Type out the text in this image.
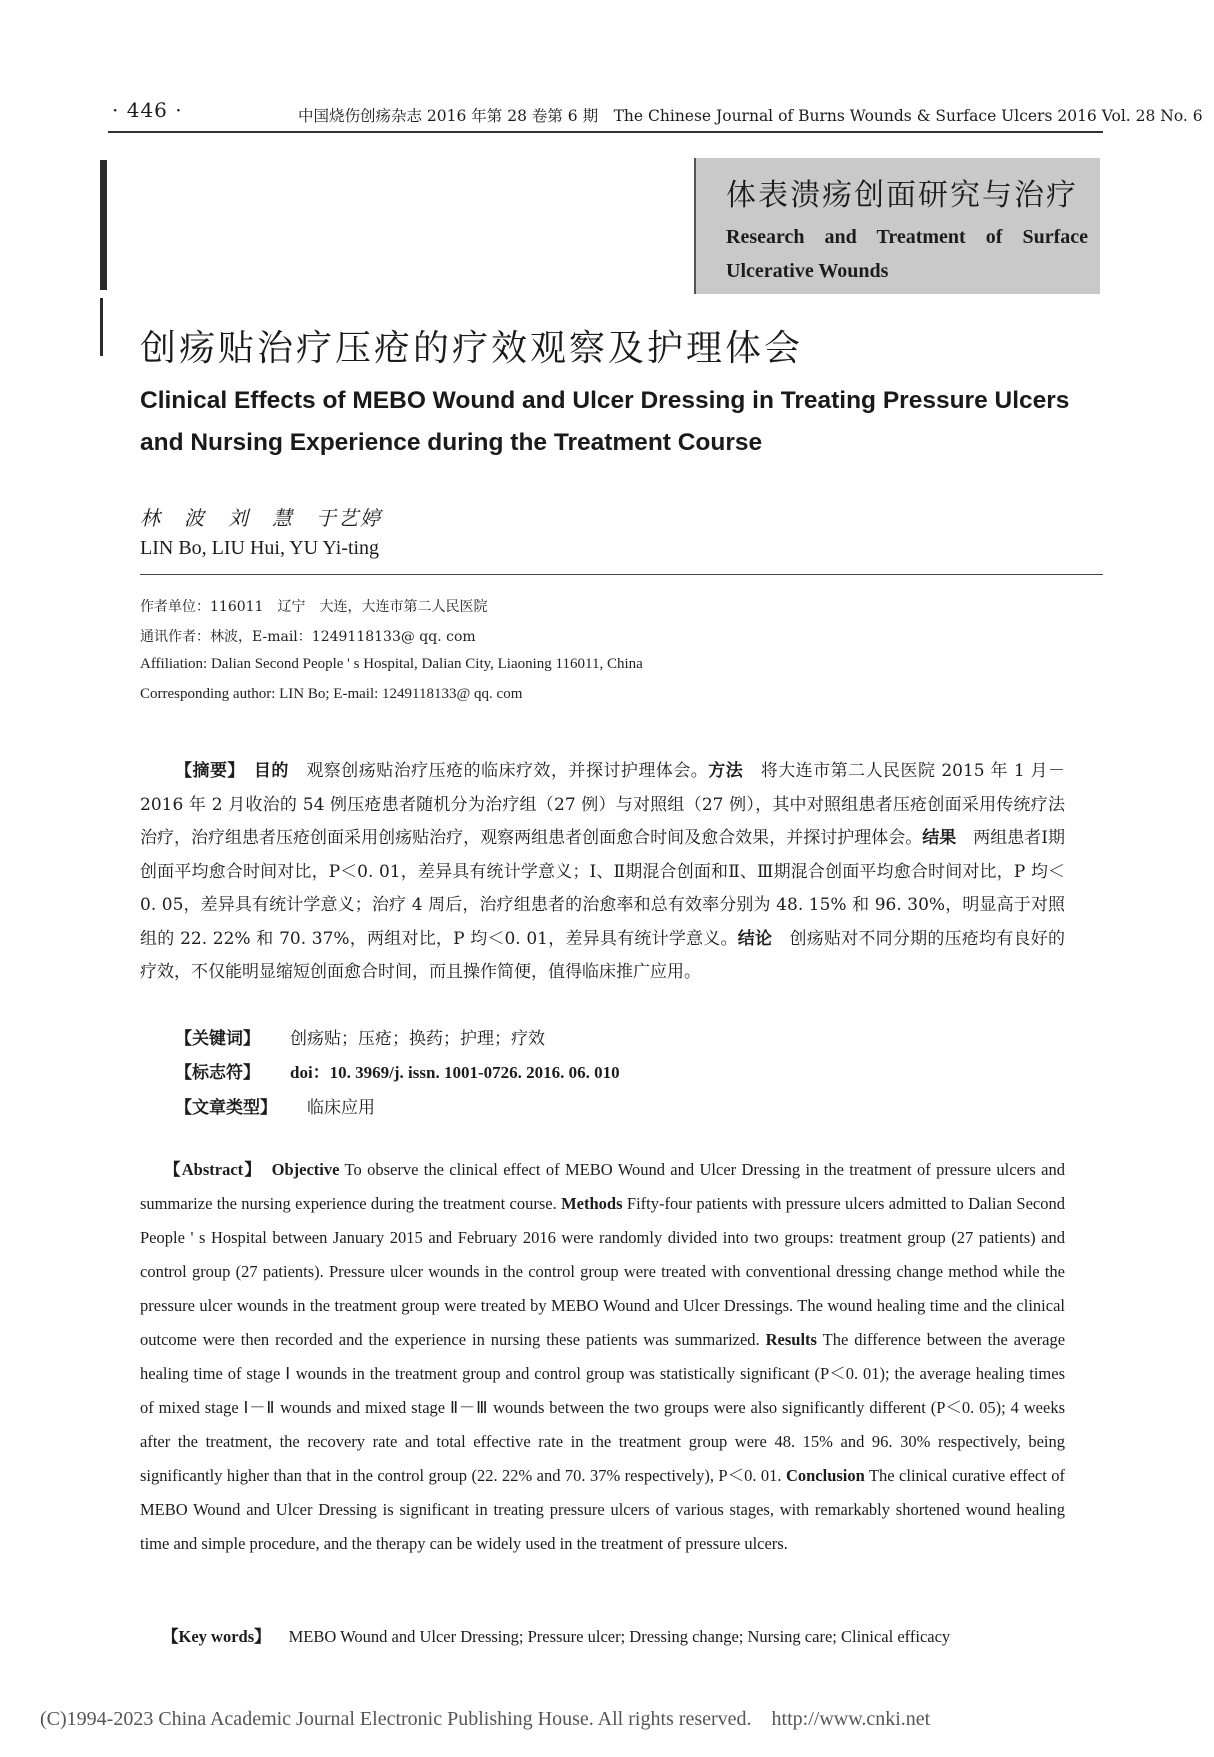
· 446 ·	中国烧伤创疡杂志 2016 年第 28 卷第 6 期　The Chinese Journal of Burns Wounds & Surface Ulcers 2016 Vol. 28 No. 6
体表溃疡创面研究与治疗
Research and Treatment of Surface Ulcerative Wounds
创疡贴治疗压疮的疗效观察及护理体会
Clinical Effects of MEBO Wound and Ulcer Dressing in Treating Pressure Ulcers and Nursing Experience during the Treatment Course
林　波　刘　慧　于艺婷
LIN Bo, LIU Hui, YU Yi-ting
作者单位：116011　辽宁　大连，大连市第二人民医院
通讯作者：林波，E-mail：1249118133@ qq. com
Affiliation: Dalian Second People ' s Hospital, Dalian City, Liaoning 116011, China
Corresponding author: LIN Bo; E-mail: 1249118133@ qq. com
【摘要】　 目的　 观察创疡贴治疗压疮的临床疗效，并探讨护理体会。方法　 将大连市第二人民医院 2015 年 1 月－2016 年 2 月收治的 54 例压疮患者随机分为治疗组（27 例）与对照组（27 例），其中对照组患者压疮创面采用传统疗法治疗，治疗组患者压疮创面采用创疡贴治疗，观察两组患者创面愈合时间及愈合效果，并探讨护理体会。结果　 两组患者Ⅰ期创面平均愈合时间对比，P＜0. 01，差异具有统计学意义；Ⅰ、Ⅱ期混合创面和Ⅱ、Ⅲ期混合创面平均愈合时间对比，P 均＜0. 05，差异具有统计学意义；治疗 4 周后，治疗组患者的治愈率和总有效率分别为 48. 15% 和 96. 30%，明显高于对照组的 22. 22% 和 70. 37%，两组对比，P 均＜0. 01，差异具有统计学意义。结论　 创疡贴对不同分期的压疮均有良好的疗效，不仅能明显缩短创面愈合时间，而且操作简便，值得临床推广应用。
【关键词】 创疡贴；压疮；换药；护理；疗效
【标志符】 doi：10. 3969/j. issn. 1001-0726. 2016. 06. 010
【文章类型】 临床应用
【Abstract】　 Objective To observe the clinical effect of MEBO Wound and Ulcer Dressing in the treatment of pressure ulcers and summarize the nursing experience during the treatment course. Methods Fifty-four patients with pressure ulcers admitted to Dalian Second People ' s Hospital between January 2015 and February 2016 were randomly divided into two groups: treatment group (27 patients) and control group (27 patients). Pressure ulcer wounds in the control group were treated with conventional dressing change method while the pressure ulcer wounds in the treatment group were treated by MEBO Wound and Ulcer Dressings. The wound healing time and the clinical outcome were then recorded and the experience in nursing these patients was summarized. Results The difference between the average healing time of stage Ⅰ wounds in the treatment group and control group was statistically significant (P＜0. 01); the average healing times of mixed stage Ⅰ－Ⅱ wounds and mixed stage Ⅱ－Ⅲ wounds between the two groups were also significantly different (P＜0. 05); 4 weeks after the treatment, the recovery rate and total effective rate in the treatment group were 48. 15% and 96. 30% respectively, being significantly higher than that in the control group (22. 22% and 70. 37% respectively), P＜0. 01. Conclusion The clinical curative effect of MEBO Wound and Ulcer Dressing is significant in treating pressure ulcers of various stages, with remarkably shortened wound healing time and simple procedure, and the therapy can be widely used in the treatment of pressure ulcers.
【Key words】 MEBO Wound and Ulcer Dressing; Pressure ulcer; Dressing change; Nursing care; Clinical efficacy
(C)1994-2023 China Academic Journal Electronic Publishing House. All rights reserved. http://www.cnki.net
